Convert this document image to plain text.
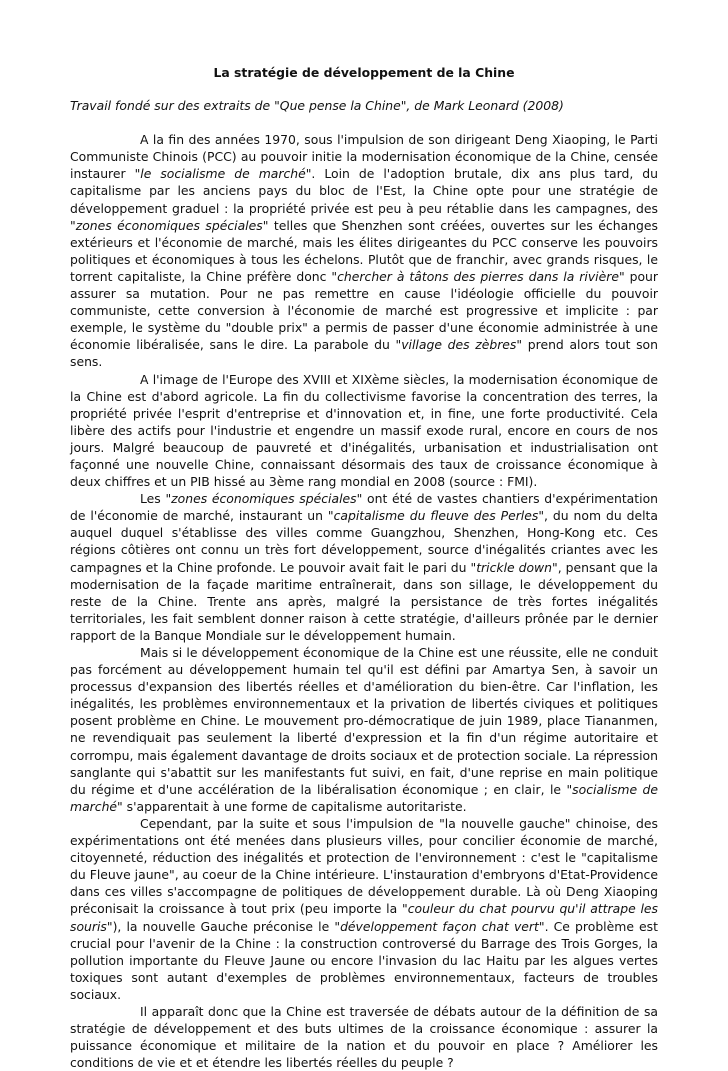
La stratégie de développement de la Chine
Travail fondé sur des extraits de "Que pense la Chine", de Mark Leonard (2008)

A la fin des années 1970, sous l'impulsion de son dirigeant Deng Xiaoping, le Parti Communiste Chinois (PCC) au pouvoir initie la modernisation économique de la Chine, censée instaurer "le socialisme de marché". Loin de l'adoption brutale, dix ans plus tard, du capitalisme par les anciens pays du bloc de l'Est, la Chine opte pour une stratégie de développement graduel : la propriété privée est peu à peu rétablie dans les campagnes, des "zones économiques spéciales" telles que Shenzhen sont créées, ouvertes sur les échanges extérieurs et l'économie de marché, mais les élites dirigeantes du PCC conserve les pouvoirs politiques et économiques à tous les échelons. Plutôt que de franchir, avec grands risques, le torrent capitaliste, la Chine préfère donc "chercher à tâtons des pierres dans la rivière" pour assurer sa mutation. Pour ne pas remettre en cause l'idéologie officielle du pouvoir communiste, cette conversion à l'économie de marché est progressive et implicite : par exemple, le système du "double prix" a permis de passer d'une économie administrée à une économie libéralisée, sans le dire. La parabole du "village des zèbres" prend alors tout son sens.

A l'image de l'Europe des XVIII et XIXème siècles, la modernisation économique de la Chine est d'abord agricole. La fin du collectivisme favorise la concentration des terres, la propriété privée l'esprit d'entreprise et d'innovation et, in fine, une forte productivité. Cela libère des actifs pour l'industrie et engendre un massif exode rural, encore en cours de nos jours. Malgré beaucoup de pauvreté et d'inégalités, urbanisation et industrialisation ont façonné une nouvelle Chine, connaissant désormais des taux de croissance économique à deux chiffres et un PIB hissé au 3ème rang mondial en 2008 (source : FMI).

Les "zones économiques spéciales" ont été de vastes chantiers d'expérimentation de l'économie de marché, instaurant un "capitalisme du fleuve des Perles", du nom du delta auquel duquel s'établisse des villes comme Guangzhou, Shenzhen, Hong-Kong etc. Ces régions côtières ont connu un très fort développement, source d'inégalités criantes avec les campagnes et la Chine profonde. Le pouvoir avait fait le pari du "trickle down", pensant que la modernisation de la façade maritime entraînerait, dans son sillage, le développement du reste de la Chine. Trente ans après, malgré la persistance de très fortes inégalités territoriales, les fait semblent donner raison à cette stratégie, d'ailleurs prônée par le dernier rapport de la Banque Mondiale sur le développement humain.

Mais si le développement économique de la Chine est une réussite, elle ne conduit pas forcément au développement humain tel qu'il est défini par Amartya Sen, à savoir un processus d'expansion des libertés réelles et d'amélioration du bien-être. Car l'inflation, les inégalités, les problèmes environnementaux et la privation de libertés civiques et politiques posent problème en Chine. Le mouvement pro-démocratique de juin 1989, place Tiananmen, ne revendiquait pas seulement la liberté d'expression et la fin d'un régime autoritaire et corrompu, mais également davantage de droits sociaux et de protection sociale. La répression sanglante qui s'abattit sur les manifestants fut suivi, en fait, d'une reprise en main politique du régime et d'une accélération de la libéralisation économique ; en clair, le "socialisme de marché" s'apparentait à une forme de capitalisme autoritariste.

Cependant, par la suite et sous l'impulsion de "la nouvelle gauche" chinoise, des expérimentations ont été menées dans plusieurs villes, pour concilier économie de marché, citoyenneté, réduction des inégalités et protection de l'environnement : c'est le "capitalisme du Fleuve jaune", au coeur de la Chine intérieure. L'instauration d'embryons d'Etat-Providence dans ces villes s'accompagne de politiques de développement durable. Là où Deng Xiaoping préconisait la croissance à tout prix (peu importe la "couleur du chat pourvu qu'il attrape les souris"), la nouvelle Gauche préconise le "développement façon chat vert". Ce problème est crucial pour l'avenir de la Chine : la construction controversé du Barrage des Trois Gorges, la pollution importante du Fleuve Jaune ou encore l'invasion du lac Haitu par les algues vertes toxiques sont autant d'exemples de problèmes environnementaux, facteurs de troubles sociaux.

Il apparaît donc que la Chine est traversée de débats autour de la définition de sa stratégie de développement et des buts ultimes de la croissance économique : assurer la puissance économique et militaire de la nation et du pouvoir en place ? Améliorer les conditions de vie et et étendre les libertés réelles du peuple ?
